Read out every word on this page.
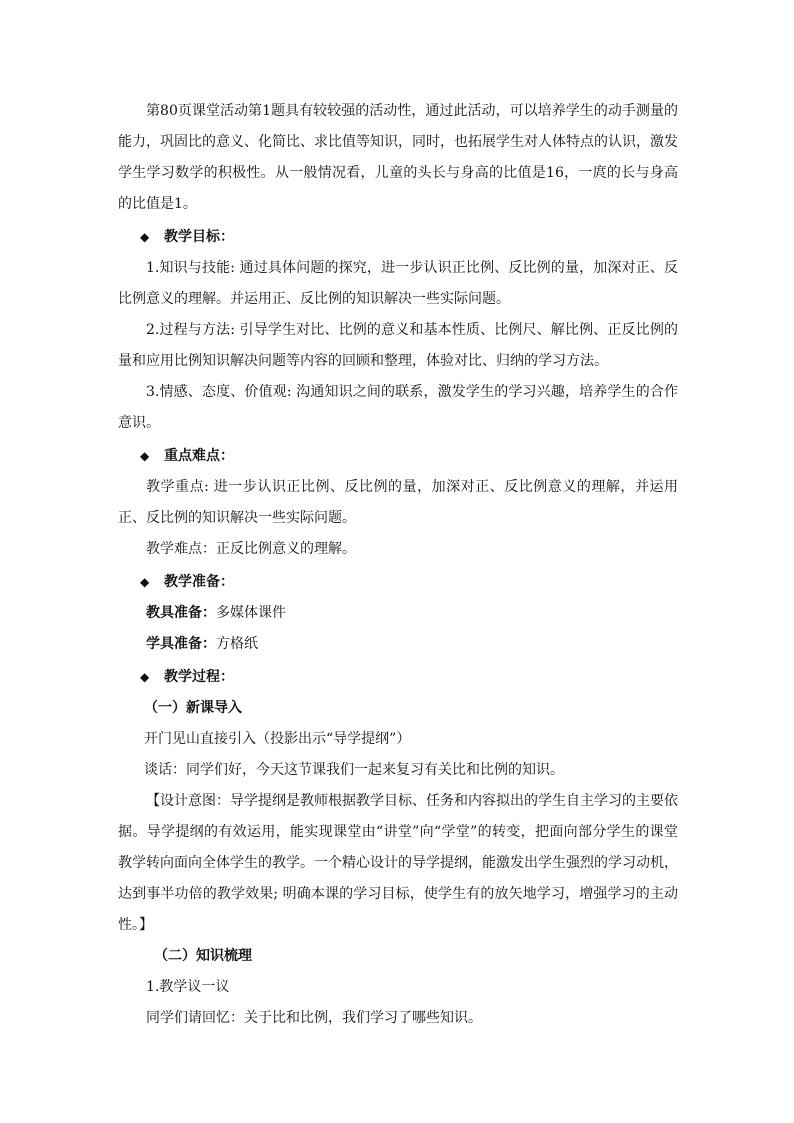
第80页课堂活动第1题具有较较强的活动性，通过此活动，可以培养学生的动手测量的能力，巩固比的意义、化简比、求比值等知识，同时，也拓展学生对人体特点的认识，激发学生学习数学的积极性。从一般情况看，儿童的头长与身高的比值是16，一庹的长与身高的比值是1。

◆ 教学目标：

1.知识与技能: 通过具体问题的探究，进一步认识正比例、反比例的量，加深对正、反比例意义的理解。并运用正、反比例的知识解决一些实际问题。

2.过程与方法: 引导学生对比、比例的意义和基本性质、比例尺、解比例、正反比例的量和应用比例知识解决问题等内容的回顾和整理，体验对比、归纳的学习方法。

3.情感、态度、价值观: 沟通知识之间的联系，激发学生的学习兴趣，培养学生的合作意识。

◆ 重点难点：

教学重点: 进一步认识正比例、反比例的量，加深对正、反比例意义的理解，并运用正、反比例的知识解决一些实际问题。

教学难点：正反比例意义的理解。

◆ 教学准备：

教具准备：多媒体课件

学具准备：方格纸

◆ 教学过程：

（一）新课导入

开门见山直接引入（投影出示“导学提纲”）

谈话：同学们好，今天这节课我们一起来复习有关比和比例的知识。

【设计意图：导学提纲是教师根据教学目标、任务和内容拟出的学生自主学习的主要依据。导学提纲的有效运用，能实现课堂由“讲堂”向“学堂”的转变，把面向部分学生的课堂教学转向面向全体学生的教学。一个精心设计的导学提纲，能激发出学生强烈的学习动机，达到事半功倍的教学效果; 明确本课的学习目标，使学生有的放矢地学习，增强学习的主动性。】

（二）知识梳理

1.教学议一议

同学们请回忆：关于比和比例，我们学习了哪些知识。
